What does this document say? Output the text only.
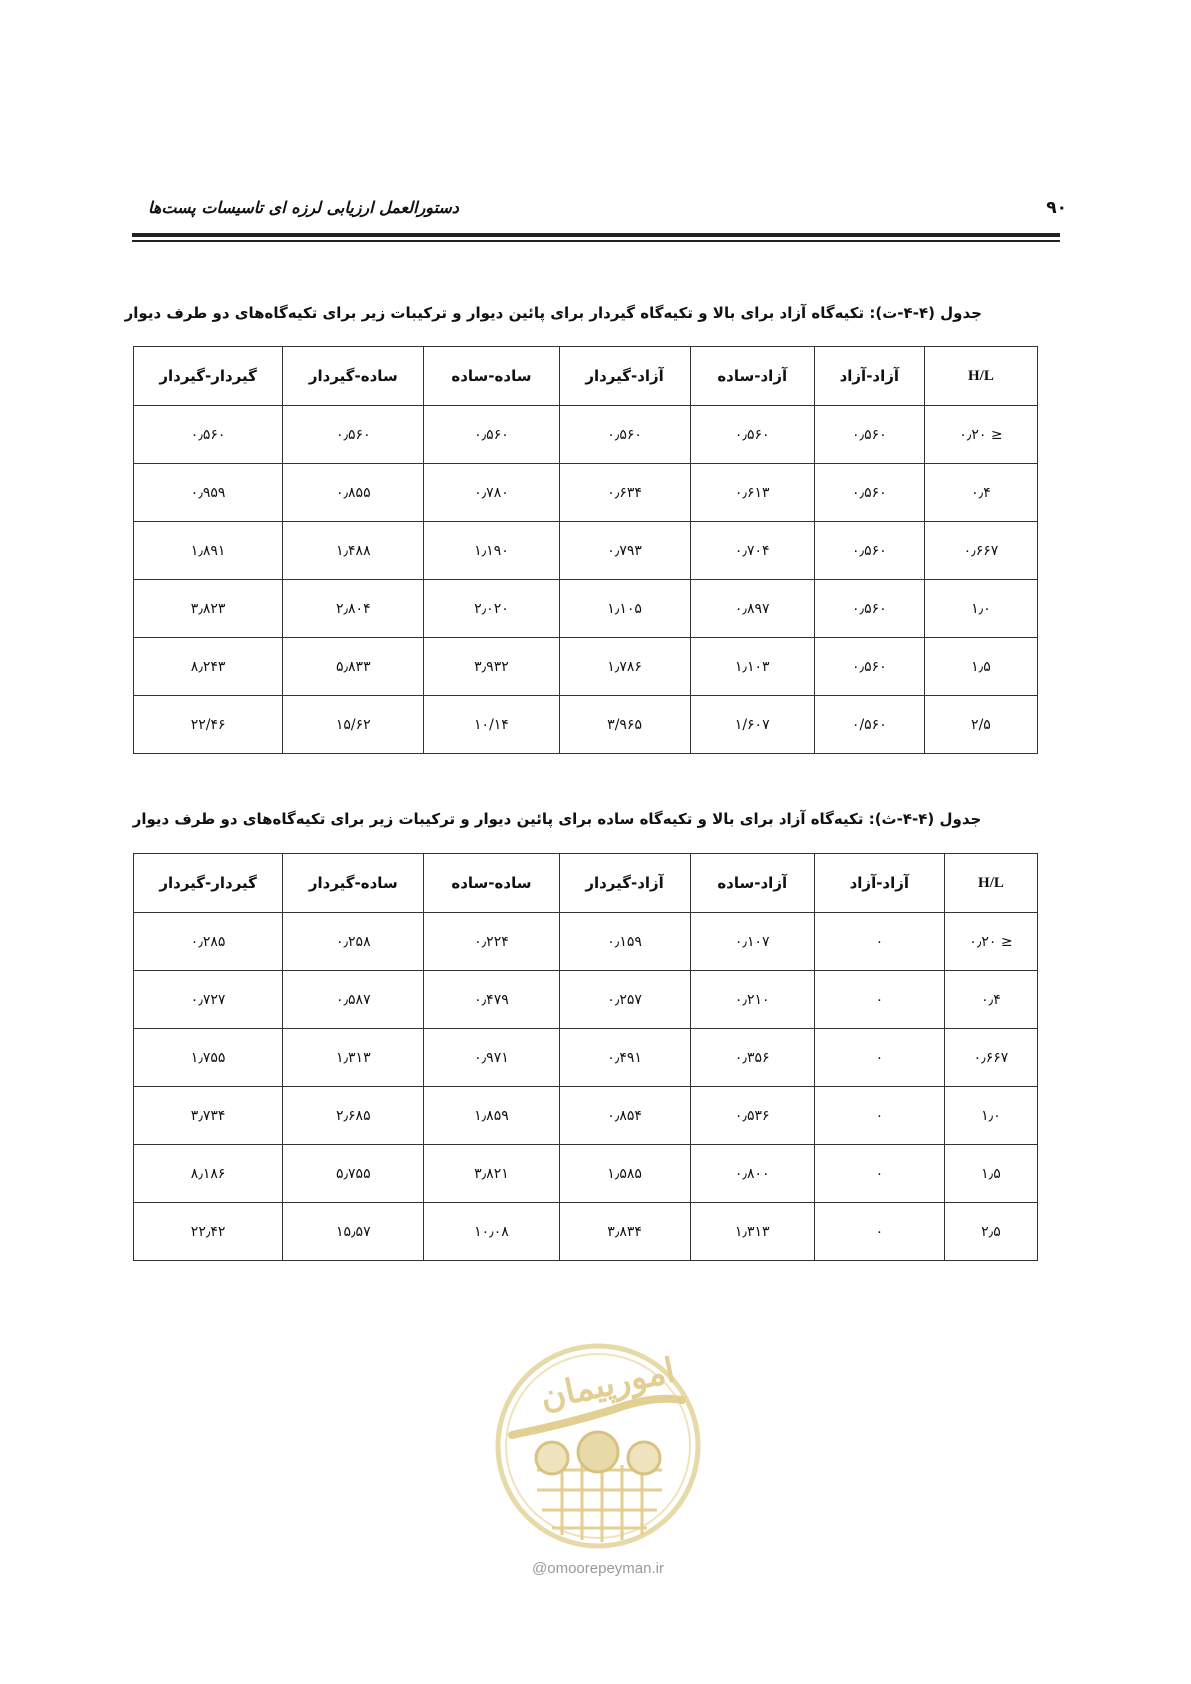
۹۰
دستورالعمل ارزیابی لرزه ای تاسیسات پست‌ها
جدول (۴-۴-ت): تکیه‌گاه آزاد برای بالا و تکیه‌گاه گیردار برای پائین دیوار و ترکیبات زیر برای تکیه‌گاه‌های دو طرف دیوار
H/L	آزاد-آزاد	آزاد-ساده	آزاد-گیردار	ساده-ساده	ساده-گیردار	گیردار-گیردار
≤ ۰٫۲۰	۰٫۵۶۰	۰٫۵۶۰	۰٫۵۶۰	۰٫۵۶۰	۰٫۵۶۰	۰٫۵۶۰
۰٫۴	۰٫۵۶۰	۰٫۶۱۳	۰٫۶۳۴	۰٫۷۸۰	۰٫۸۵۵	۰٫۹۵۹
۰٫۶۶۷	۰٫۵۶۰	۰٫۷۰۴	۰٫۷۹۳	۱٫۱۹۰	۱٫۴۸۸	۱٫۸۹۱
۱٫۰	۰٫۵۶۰	۰٫۸۹۷	۱٫۱۰۵	۲٫۰۲۰	۲٫۸۰۴	۳٫۸۲۳
۱٫۵	۰٫۵۶۰	۱٫۱۰۳	۱٫۷۸۶	۳٫۹۳۲	۵٫۸۳۳	۸٫۲۴۳
۲/۵	۰/۵۶۰	۱/۶۰۷	۳/۹۶۵	۱۰/۱۴	۱۵/۶۲	۲۲/۴۶
جدول (۴-۴-ث): تکیه‌گاه آزاد برای بالا و تکیه‌گاه ساده برای پائین دیوار و ترکیبات زیر برای تکیه‌گاه‌های دو طرف دیوار
H/L	آزاد-آزاد	آزاد-ساده	آزاد-گیردار	ساده-ساده	ساده-گیردار	گیردار-گیردار
≤ ۰٫۲۰	۰	۰٫۱۰۷	۰٫۱۵۹	۰٫۲۲۴	۰٫۲۵۸	۰٫۲۸۵
۰٫۴	۰	۰٫۲۱۰	۰٫۲۵۷	۰٫۴۷۹	۰٫۵۸۷	۰٫۷۲۷
۰٫۶۶۷	۰	۰٫۳۵۶	۰٫۴۹۱	۰٫۹۷۱	۱٫۳۱۳	۱٫۷۵۵
۱٫۰	۰	۰٫۵۳۶	۰٫۸۵۴	۱٫۸۵۹	۲٫۶۸۵	۳٫۷۳۴
۱٫۵	۰	۰٫۸۰۰	۱٫۵۸۵	۳٫۸۲۱	۵٫۷۵۵	۸٫۱۸۶
۲٫۵	۰	۱٫۳۱۳	۳٫۸۳۴	۱۰٫۰۸	۱۵٫۵۷	۲۲٫۴۲
امورپیمان
@omoorepeyman.ir
